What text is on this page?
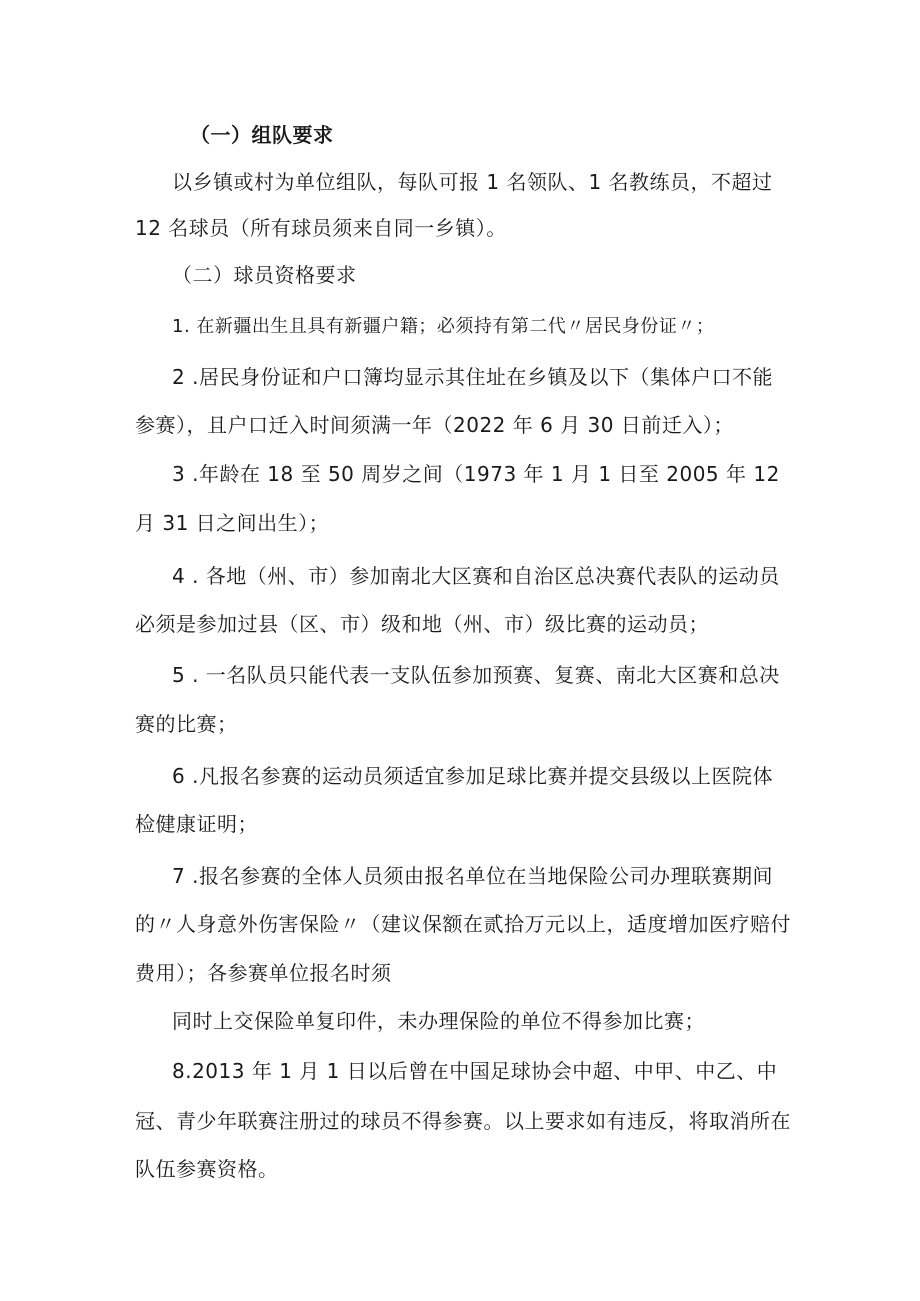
（一）组队要求
以乡镇或村为单位组队，每队可报 1 名领队、1 名教练员，不超过
12 名球员（所有球员须来自同一乡镇）。
（二）球员资格要求
1. 在新疆出生且具有新疆户籍；必须持有第二代〃居民身份证〃；
2 .居民身份证和户口簿均显示其住址在乡镇及以下（集体户口不能
参赛），且户口迁入时间须满一年（2022 年 6 月 30 日前迁入）；
3 .年龄在 18 至 50 周岁之间（1973 年 1 月 1 日至 2005 年 12
月 31 日之间出生）；
4 . 各地（州、市）参加南北大区赛和自治区总决赛代表队的运动员
必须是参加过县（区、市）级和地（州、市）级比赛的运动员；
5 . 一名队员只能代表一支队伍参加预赛、复赛、南北大区赛和总决
赛的比赛；
6 .凡报名参赛的运动员须适宜参加足球比赛并提交县级以上医院体
检健康证明；
7 .报名参赛的全体人员须由报名单位在当地保险公司办理联赛期间
的〃人身意外伤害保险〃（建议保额在贰拾万元以上，适度增加医疗赔付
费用）；各参赛单位报名时须
同时上交保险单复印件，未办理保险的单位不得参加比赛；
8.2013 年 1 月 1 日以后曾在中国足球协会中超、中甲、中乙、中
冠、青少年联赛注册过的球员不得参赛。以上要求如有违反，将取消所在
队伍参赛资格。
